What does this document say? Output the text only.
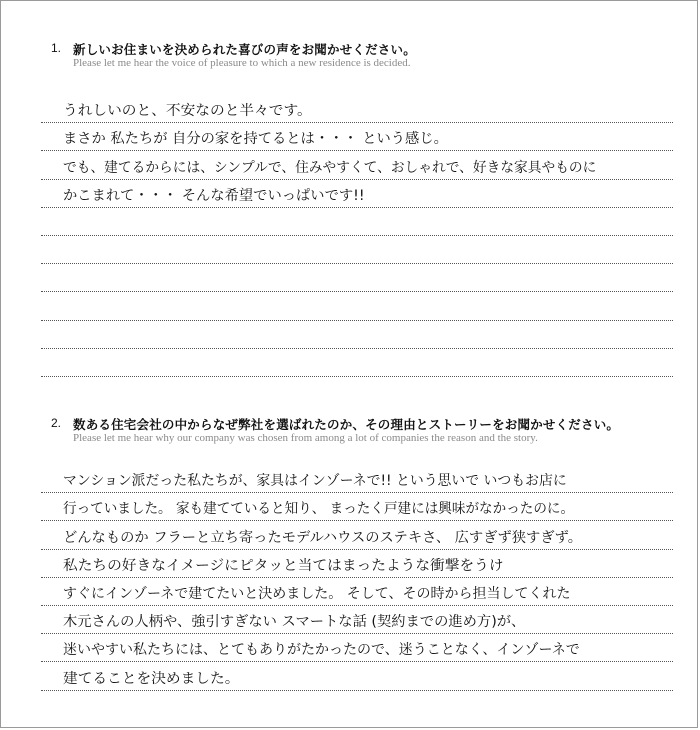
1. 新しいお住まいを決められた喜びの声をお聞かせください。
Please let me hear the voice of pleasure to which a new residence is decided.
うれしいのと、不安なのと半々です。
まさか 私たちが 自分の家を持てるとは・・・ という感じ。
でも、建てるからには、シンプルで、住みやすくて、おしゃれで、好きな家具やものに
かこまれて・・・ そんな希望でいっぱいです!!
2. 数ある住宅会社の中からなぜ弊社を選ばれたのか、その理由とストーリーをお聞かせください。
Please let me hear why our company was chosen from among a lot of companies the reason and the story.
マンション派だった私たちが、家具はインゾーネで!! という思いで いつもお店に
行っていました。 家も建てていると知り、 まったく戸建には興味がなかったのに。
どんなものか フラーと立ち寄ったモデルハウスのステキさ、 広すぎず狭すぎず。
私たちの好きなイメージにピタッと当てはまったような衝撃をうけ
すぐにインゾーネで建てたいと決めました。 そして、その時から担当してくれた
木元さんの人柄や、強引すぎない スマートな話 (契約までの進め方)が、
迷いやすい私たちには、とてもありがたかったので、迷うことなく、インゾーネで
建てることを決めました。
